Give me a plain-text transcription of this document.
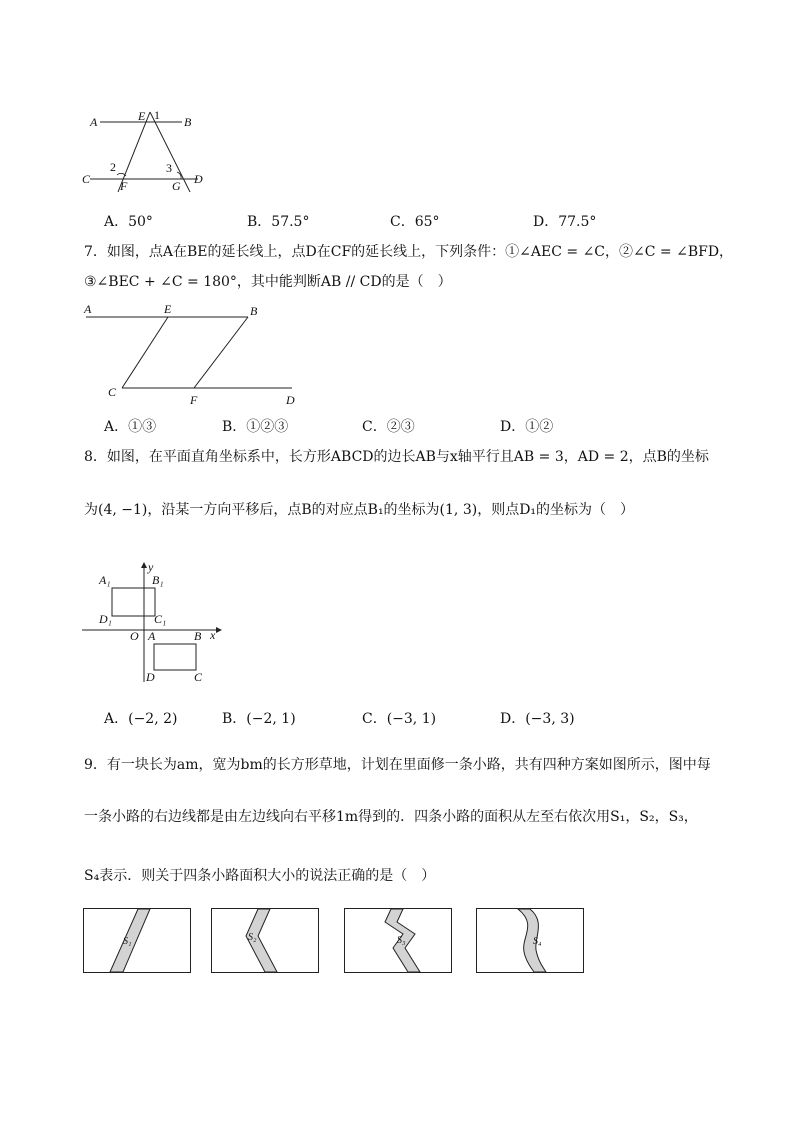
A	E 1 B
C
2
F
3
G D
A．50°	B．57.5°	C．65°	D．77.5°
7．如图，点A在BE的延长线上，点D在CF的延长线上，下列条件：①∠AEC = ∠C，②∠C = ∠BFD，
③∠BEC + ∠C = 180°，其中能判断AB // CD的是（　）
A	E	B
C
F	D
A．①③	B．①②③	C．②③	D．①②
8．如图，在平面直角坐标系中，长方形ABCD的边长AB与x轴平行且AB = 3，AD = 2，点B的坐标
为(4, −1)，沿某一方向平移后，点B的对应点B₁的坐标为(1, 3)，则点D₁的坐标为（　）
y
x
A₁	B₁
D₁	C₁
O A	B
D	C
A．(−2, 2)	B．(−2, 1)	C．(−3, 1)	D．(−3, 3)
9．有一块长为am，宽为bm的长方形草地，计划在里面修一条小路，共有四种方案如图所示，图中每
一条小路的右边线都是由左边线向右平移1m得到的．四条小路的面积从左至右依次用S₁，S₂，S₃，
S₄表示．则关于四条小路面积大小的说法正确的是（　）
S₁	S₂	S₃	S₄
